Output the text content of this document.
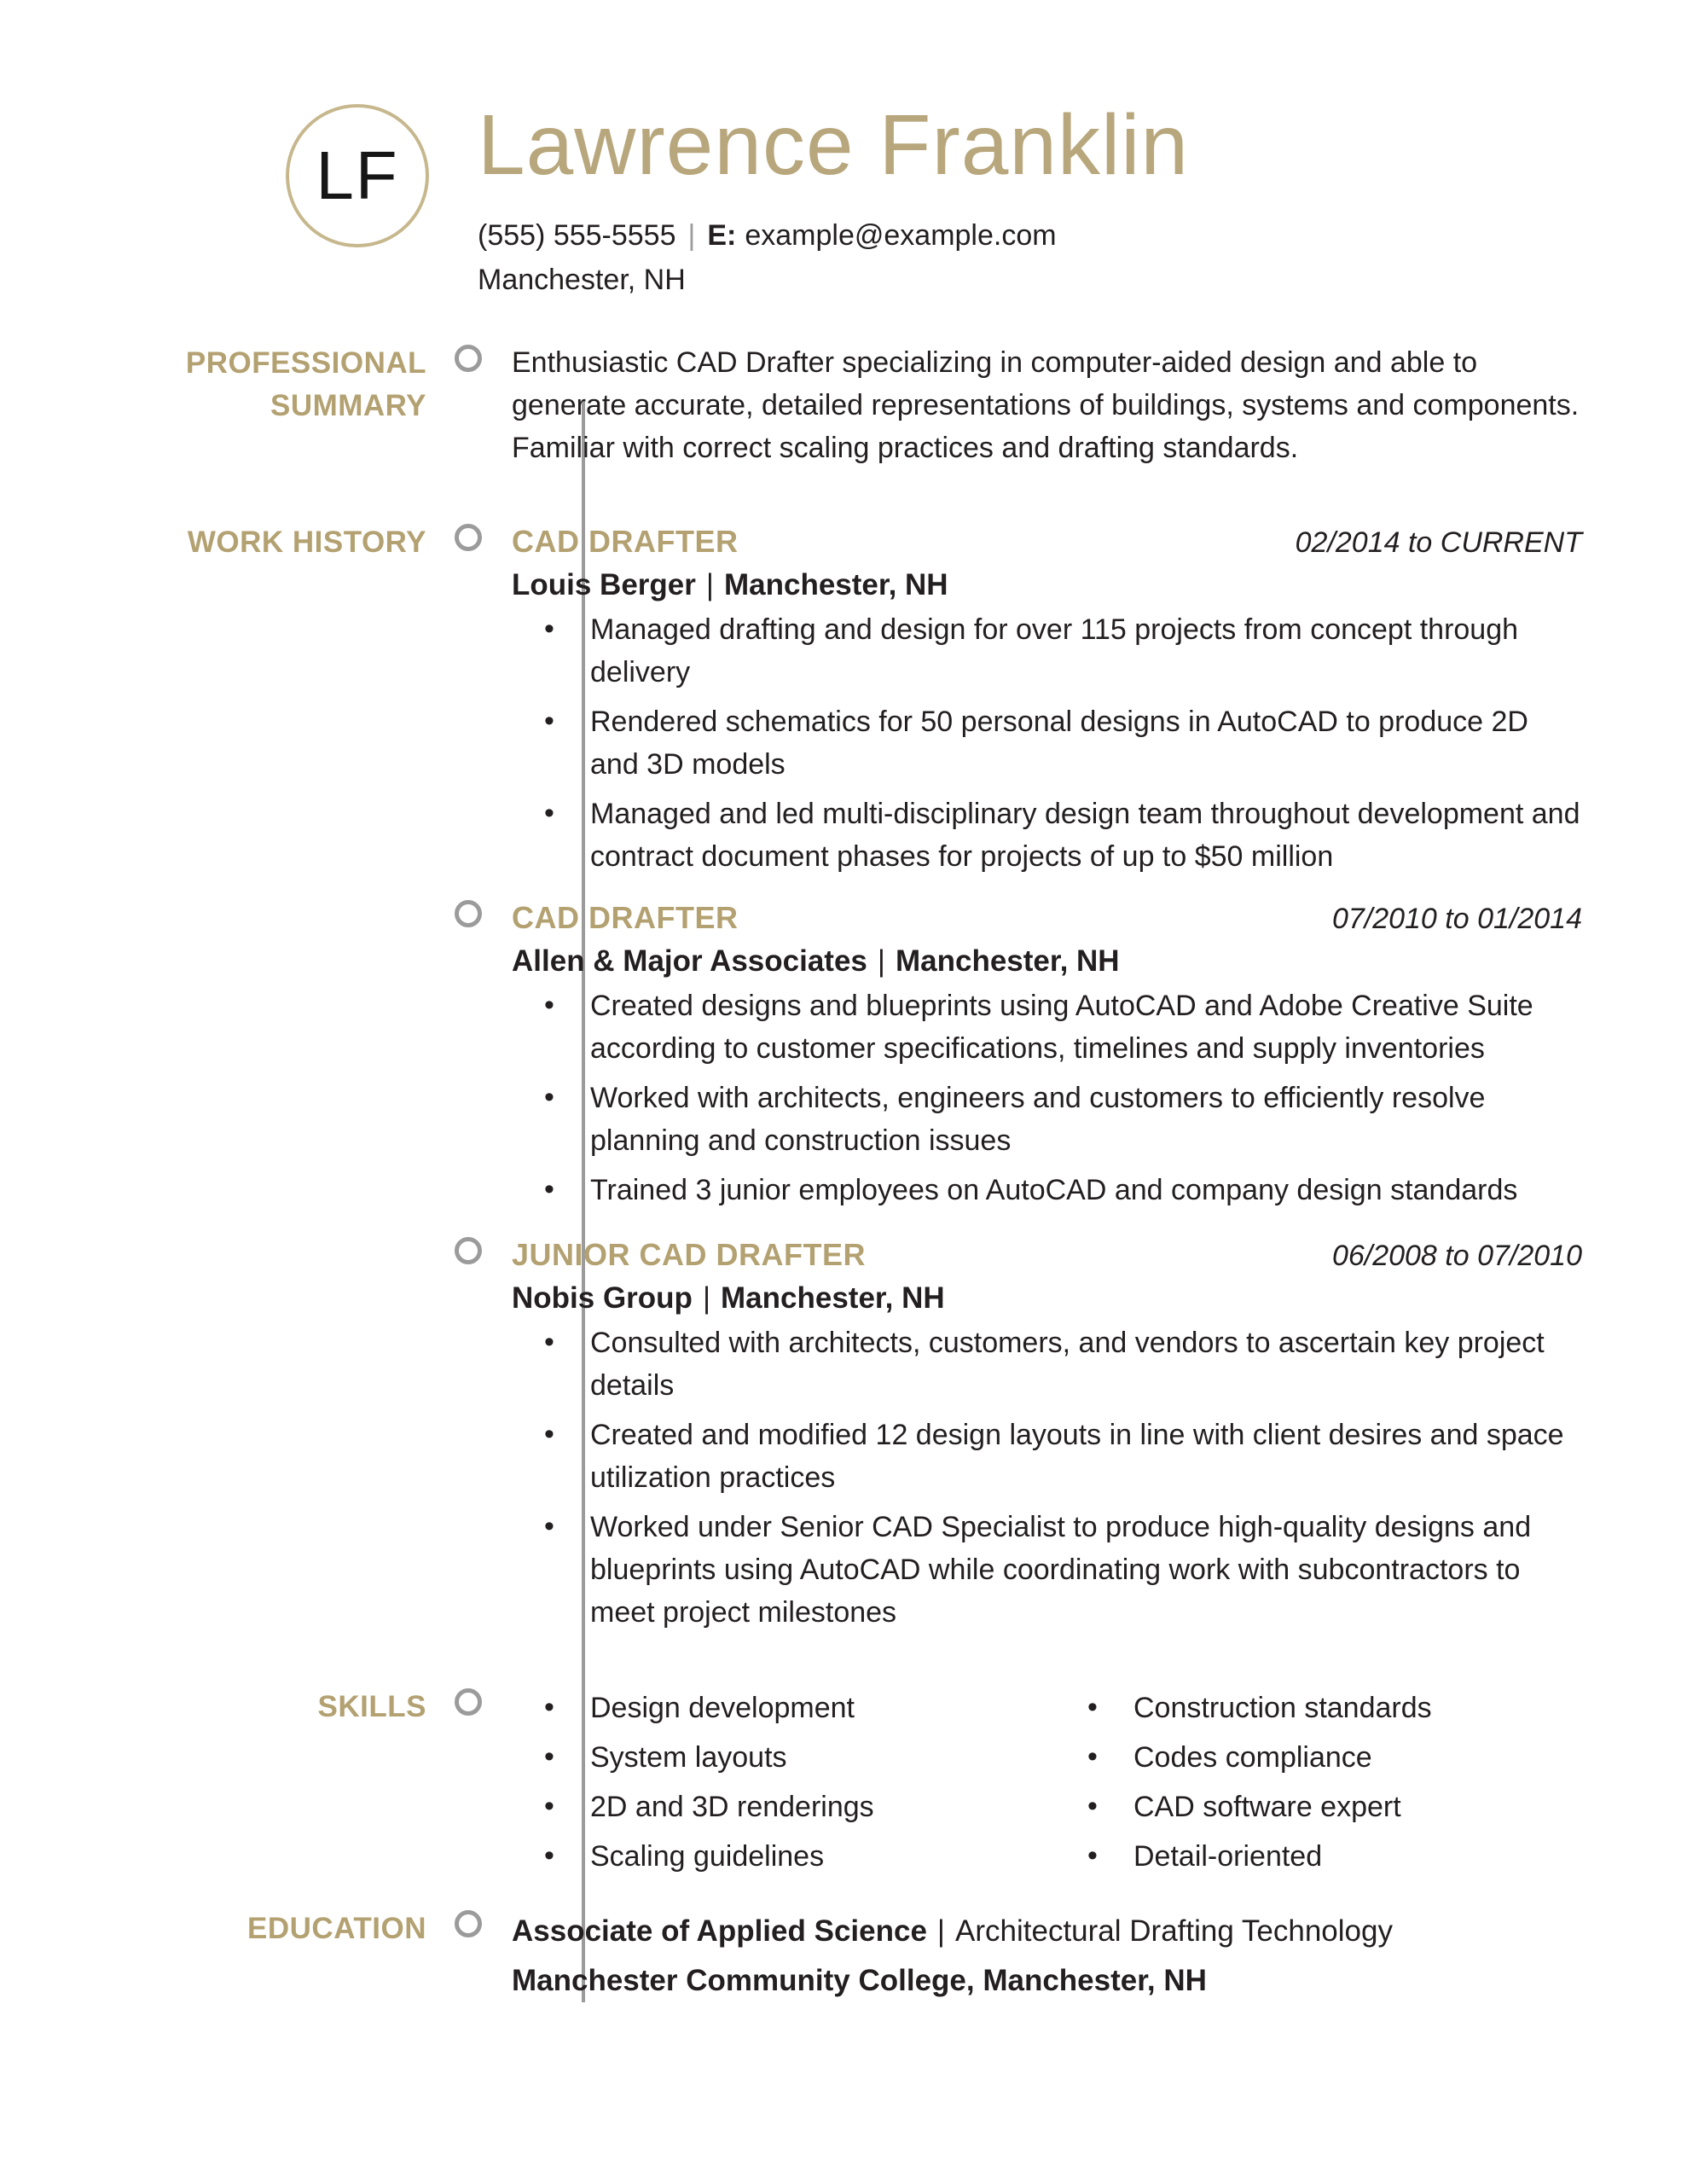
LF Lawrence Franklin
(555) 555-5555 | E: example@example.com
Manchester, NH
PROFESSIONAL
SUMMARY

Enthusiastic CAD Drafter specializing in computer-aided design and able to generate accurate, detailed representations of buildings, systems and components. Familiar with correct scaling practices and drafting standards.

WORK HISTORY	CAD DRAFTER	02/2014 to CURRENT
Louis Berger | Manchester, NH
• Managed drafting and design for over 115 projects from concept through delivery
• Rendered schematics for 50 personal designs in AutoCAD to produce 2D and 3D models
• Managed and led multi-disciplinary design team throughout development and contract document phases for projects of up to $50 million
CAD DRAFTER	07/2010 to 01/2014
Allen & Major Associates | Manchester, NH
• Created designs and blueprints using AutoCAD and Adobe Creative Suite according to customer specifications, timelines and supply inventories
• Worked with architects, engineers and customers to efficiently resolve planning and construction issues
• Trained 3 junior employees on AutoCAD and company design standards
JUNIOR CAD DRAFTER	06/2008 to 07/2010
Nobis Group | Manchester, NH
• Consulted with architects, customers, and vendors to ascertain key project details
• Created and modified 12 design layouts in line with client desires and space utilization practices
• Worked under Senior CAD Specialist to produce high-quality designs and blueprints using AutoCAD while coordinating work with subcontractors to meet project milestones
SKILLS	• Design development
• System layouts
• 2D and 3D renderings
• Scaling guidelines
• Construction standards
• Codes compliance
• CAD software expert
• Detail-oriented
EDUCATION	Associate of Applied Science | Architectural Drafting Technology
Manchester Community College, Manchester, NH
